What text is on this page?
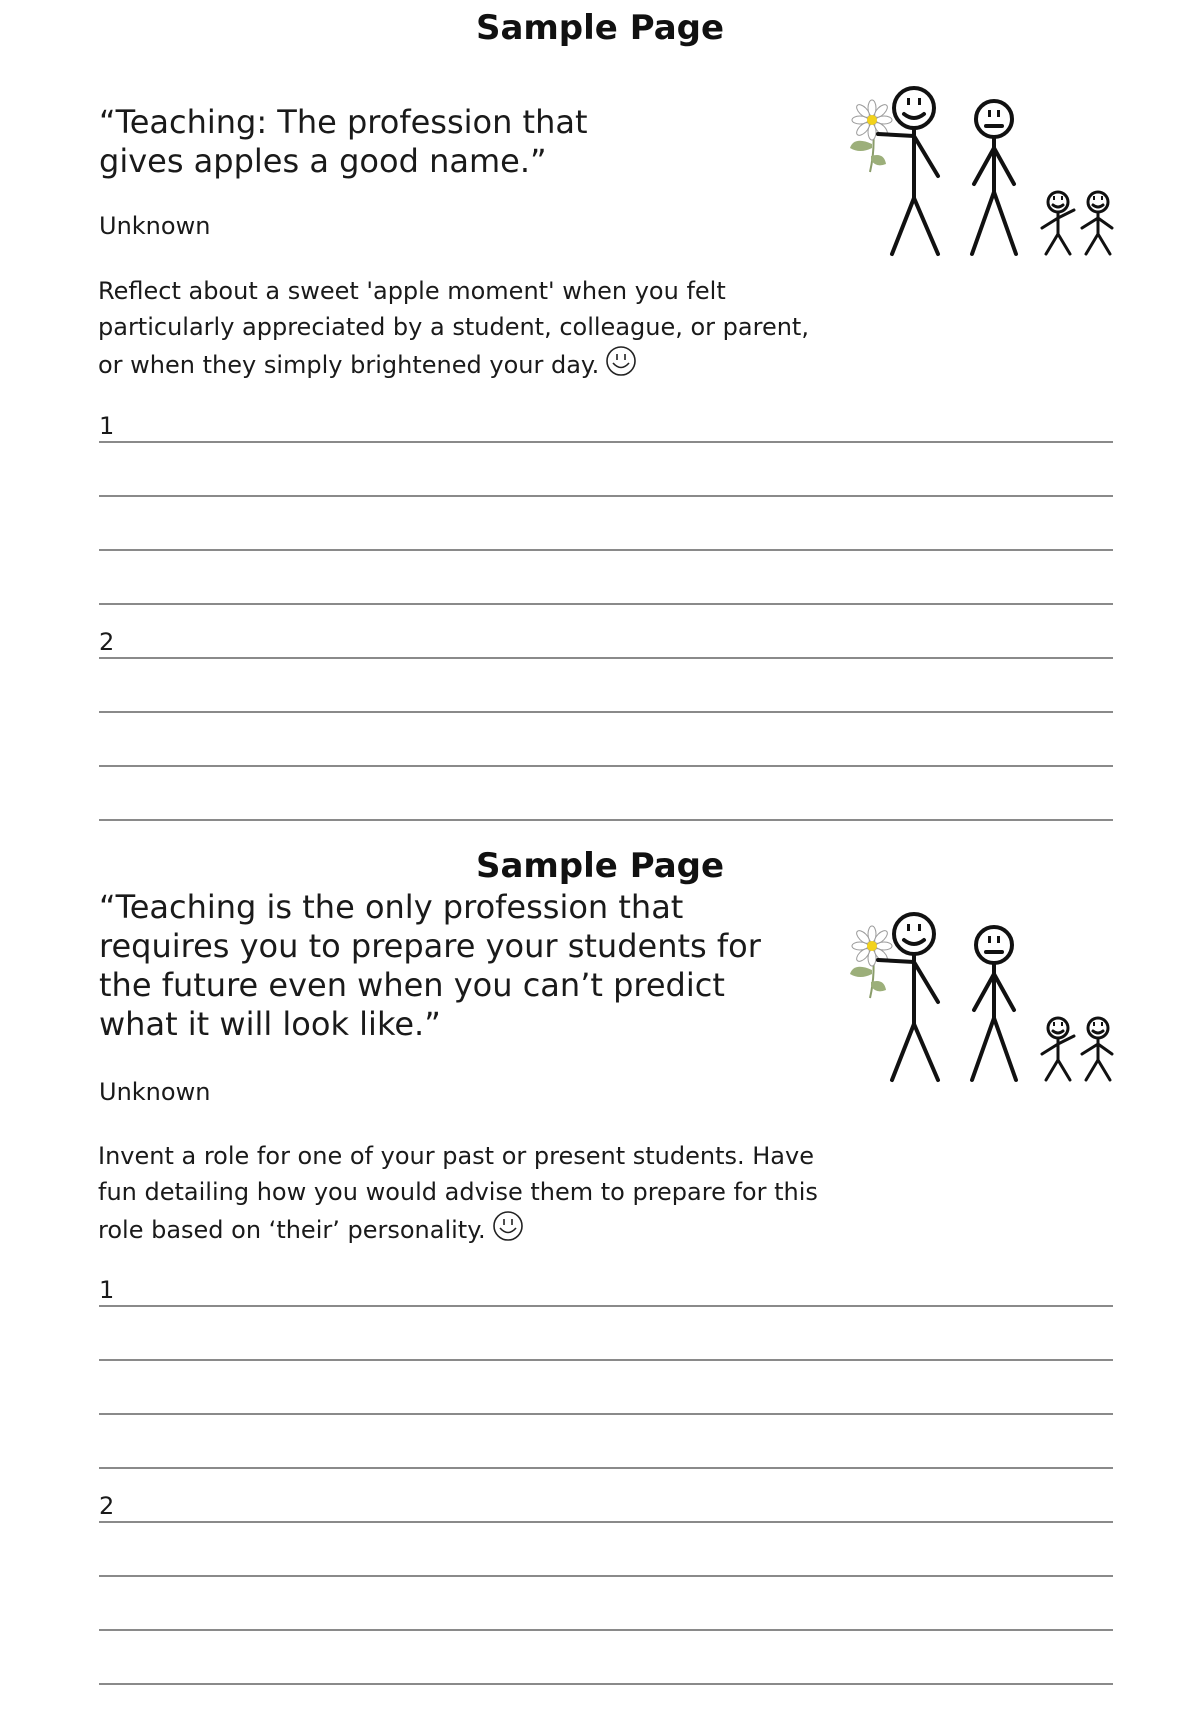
Sample Page

“Teaching: The profession that gives apples a good name.”

Unknown

Reflect about a sweet 'apple moment' when you felt particularly appreciated by a student, colleague, or parent, or when they simply brightened your day.

1
2
Sample Page

“Teaching is the only profession that requires you to prepare your students for the future even when you can’t predict what it will look like.”

Unknown

Invent a role for one of your past or present students. Have fun detailing how you would advise them to prepare for this role based on ‘their’ personality.

1
2
